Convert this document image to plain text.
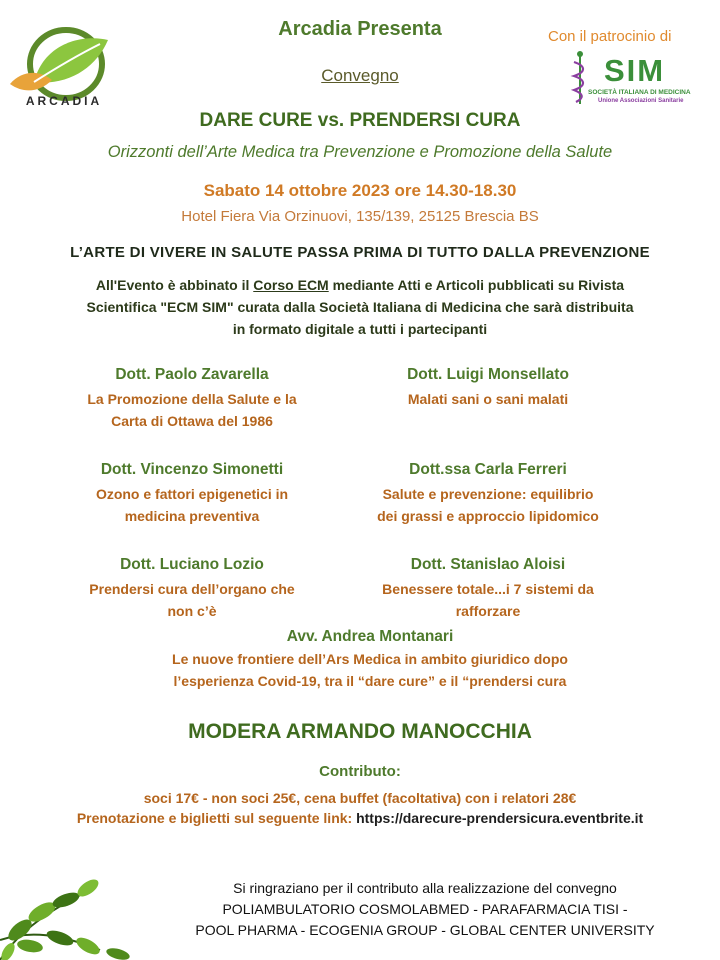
ARCADIA
Con il patrocinio di
SIM
SOCIETÀ ITALIANA DI MEDICINA
Unione Associazioni Sanitarie
Arcadia Presenta
Convegno
DARE CURE vs. PRENDERSI CURA
Orizzonti dell’Arte Medica tra Prevenzione e Promozione della Salute
Sabato 14 ottobre 2023 ore 14.30-18.30
Hotel Fiera Via Orzinuovi, 135/139, 25125 Brescia BS
L’ARTE DI VIVERE IN SALUTE PASSA PRIMA DI TUTTO DALLA PREVENZIONE
All'Evento è abbinato il Corso ECM mediante Atti e Articoli pubblicati su Rivista
Scientifica "ECM SIM" curata dalla Società Italiana di Medicina che sarà distribuita
in formato digitale a tutti i partecipanti
Dott. Paolo Zavarella
La Promozione della Salute e la
Carta di Ottawa del 1986
Dott. Luigi Monsellato
Malati sani o sani malati
Dott. Vincenzo Simonetti
Ozono e fattori epigenetici in
medicina preventiva
Dott.ssa Carla Ferreri
Salute e prevenzione: equilibrio
dei grassi e approccio lipidomico
Dott. Luciano Lozio
Prendersi cura dell’organo che
non c’è
Dott. Stanislao Aloisi
Benessere totale...i 7 sistemi da
rafforzare
Avv. Andrea Montanari
Le nuove frontiere dell’Ars Medica in ambito giuridico dopo
l’esperienza Covid-19, tra il “dare cure” e il “prendersi cura
MODERA ARMANDO MANOCCHIA
Contributo:
soci 17€ - non soci 25€, cena buffet (facoltativa) con i relatori 28€
Prenotazione e biglietti sul seguente link: https://darecure-prendersicura.eventbrite.it
Si ringraziano per il contributo alla realizzazione del convegno
POLIAMBULATORIO COSMOLABMED - PARAFARMACIA TISI -
POOL PHARMA - ECOGENIA GROUP - GLOBAL CENTER UNIVERSITY
